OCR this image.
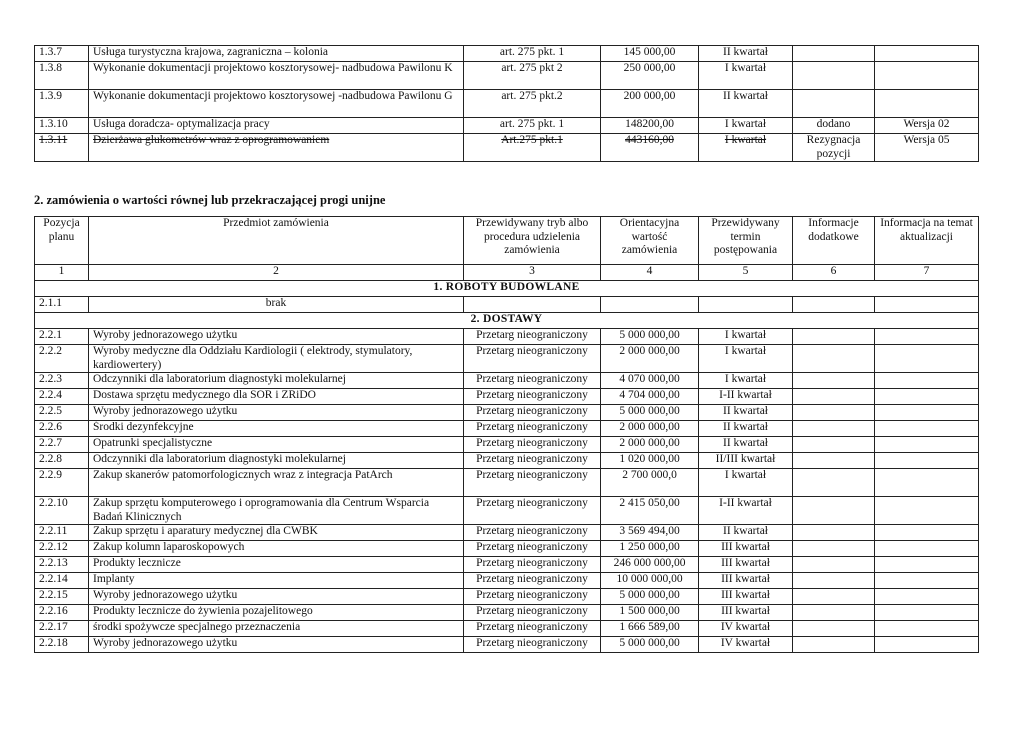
1.3.7	Usługa turystyczna krajowa, zagraniczna – kolonia	art. 275 pkt. 1	145 000,00	II kwartał		
1.3.8	Wykonanie dokumentacji projektowo kosztorysowej- nadbudowa Pawilonu K	art. 275 pkt 2	250 000,00	I kwartał		
1.3.9	Wykonanie dokumentacji projektowo kosztorysowej -nadbudowa Pawilonu G	art. 275 pkt.2	200 000,00	II kwartał		
1.3.10	Usługa doradcza- optymalizacja pracy	art. 275 pkt. 1	148200,00	I kwartał	dodano	Wersja 02
1.3.11	Dzierżawa glukometrów wraz z oprogramowaniem	Art.275 pkt.1	443160,00	I kwartał	Rezygnacja pozycji	Wersja 05
2. zamówienia o wartości równej lub przekraczającej progi unijne
Pozycja planu	Przedmiot zamówienia	Przewidywany tryb albo procedura udzielenia zamówienia	Orientacyjna wartość zamówienia	Przewidywany termin postępowania	Informacje dodatkowe	Informacja na temat aktualizacji
1	2	3	4	5	6	7
1. ROBOTY BUDOWLANE						
2.1.1	brak					
2. DOSTAWY						
2.2.1	Wyroby jednorazowego użytku	Przetarg nieograniczony	5 000 000,00	I kwartał		
2.2.2	Wyroby medyczne dla Oddziału Kardiologii ( elektrody, stymulatory, kardiowertery)	Przetarg nieograniczony	2 000 000,00	I kwartał		
2.2.3	Odczynniki dla laboratorium diagnostyki molekularnej	Przetarg nieograniczony	4 070 000,00	I kwartał		
2.2.4	Dostawa sprzętu medycznego dla SOR i ZRiDO	Przetarg nieograniczony	4 704 000,00	I-II kwartał		
2.2.5	Wyroby jednorazowego użytku	Przetarg nieograniczony	5 000 000,00	II kwartał		
2.2.6	Środki dezynfekcyjne	Przetarg nieograniczony	2 000 000,00	II kwartał		
2.2.7	Opatrunki specjalistyczne	Przetarg nieograniczony	2 000 000,00	II kwartał		
2.2.8	Odczynniki dla laboratorium diagnostyki molekularnej	Przetarg nieograniczony	1 020 000,00	II/III kwartał		
2.2.9	Zakup skanerów patomorfologicznych wraz z integracja PatArch	Przetarg nieograniczony	2 700 000,0	I kwartał		
2.2.10	Zakup sprzętu komputerowego i oprogramowania dla Centrum Wsparcia Badań Klinicznych	Przetarg nieograniczony	2 415 050,00	I-II kwartał		
2.2.11	Zakup sprzętu i aparatury medycznej dla CWBK	Przetarg nieograniczony	3 569 494,00	II kwartał		
2.2.12	Zakup kolumn laparoskopowych	Przetarg nieograniczony	1 250 000,00	III kwartał		
2.2.13	Produkty lecznicze	Przetarg nieograniczony	246 000 000,00	III kwartał		
2.2.14	Implanty	Przetarg nieograniczony	10 000 000,00	III kwartał		
2.2.15	Wyroby jednorazowego użytku	Przetarg nieograniczony	5 000 000,00	III kwartał		
2.2.16	Produkty lecznicze do żywienia pozajelitowego	Przetarg nieograniczony	1 500 000,00	III kwartał		
2.2.17	środki spożywcze specjalnego przeznaczenia	Przetarg nieograniczony	1 666 589,00	IV kwartał		
2.2.18	Wyroby jednorazowego użytku	Przetarg nieograniczony	5 000 000,00	IV kwartał		
